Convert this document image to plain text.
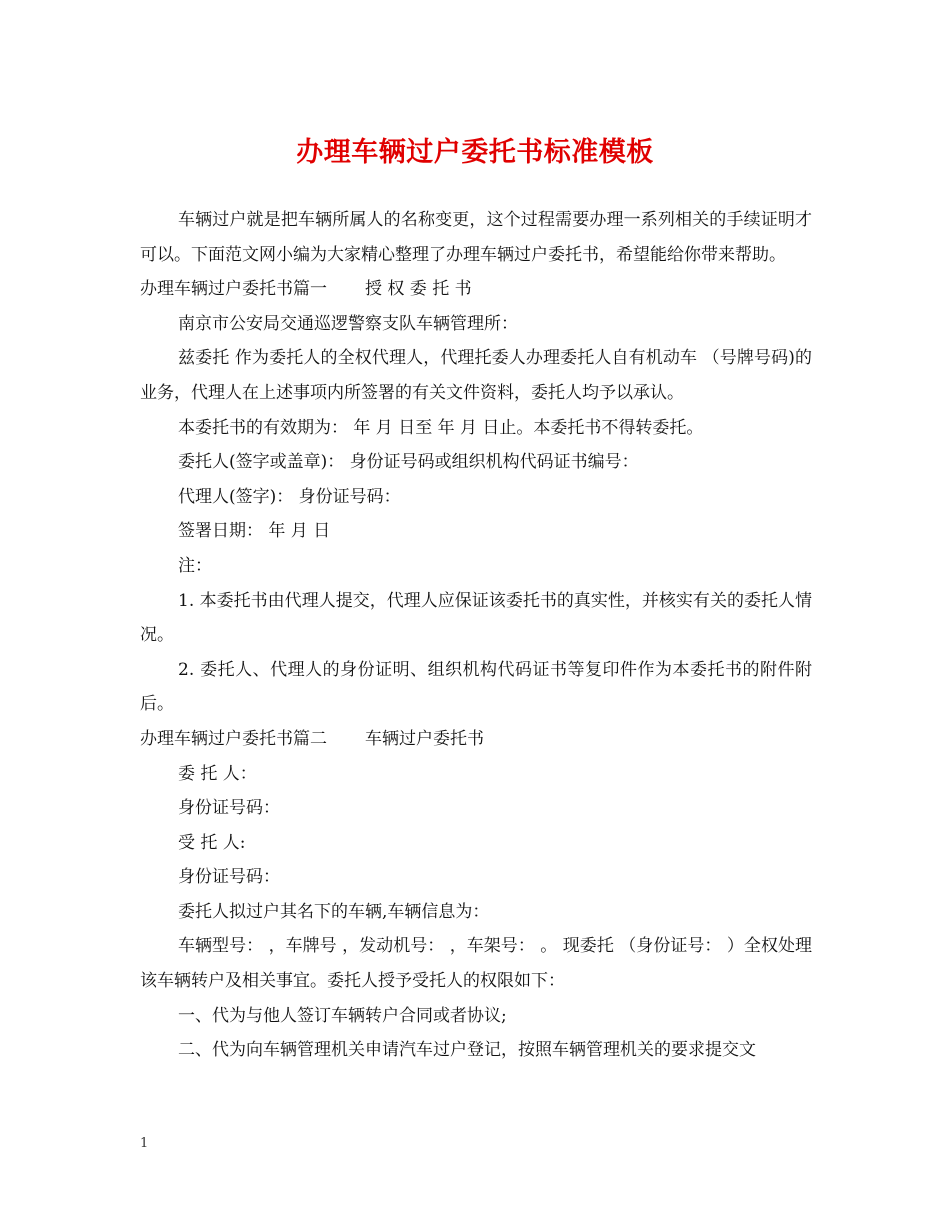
办理车辆过户委托书标准模板

车辆过户就是把车辆所属人的名称变更，这个过程需要办理一系列相关的手续证明才可以。下面范文网小编为大家精心整理了办理车辆过户委托书，希望能给你带来帮助。

办理车辆过户委托书篇一 授 权 委 托 书

南京市公安局交通巡逻警察支队车辆管理所：

兹委托 作为委托人的全权代理人，代理托委人办理委托人自有机动车 （号牌号码)的 业务，代理人在上述事项内所签署的有关文件资料，委托人均予以承认。

本委托书的有效期为： 年 月 日至 年 月 日止。本委托书不得转委托。

委托人(签字或盖章)： 身份证号码或组织机构代码证书编号：

代理人(签字)： 身份证号码：

签署日期： 年 月 日

注：

1. 本委托书由代理人提交，代理人应保证该委托书的真实性，并核实有关的委托人情况。

2. 委托人、代理人的身份证明、组织机构代码证书等复印件作为本委托书的附件附后。

办理车辆过户委托书篇二 车辆过户委托书

委 托 人：

身份证号码：

受 托 人:

身份证号码：

委托人拟过户其名下的车辆,车辆信息为：

车辆型号： ，车牌号 ，发动机号： ，车架号： 。 现委托 （身份证号： ）全权处理该车辆转户及相关事宜。委托人授予受托人的权限如下：

一、代为与他人签订车辆转户合同或者协议;

二、代为向车辆管理机关申请汽车过户登记，按照车辆管理机关的要求提交文

1
